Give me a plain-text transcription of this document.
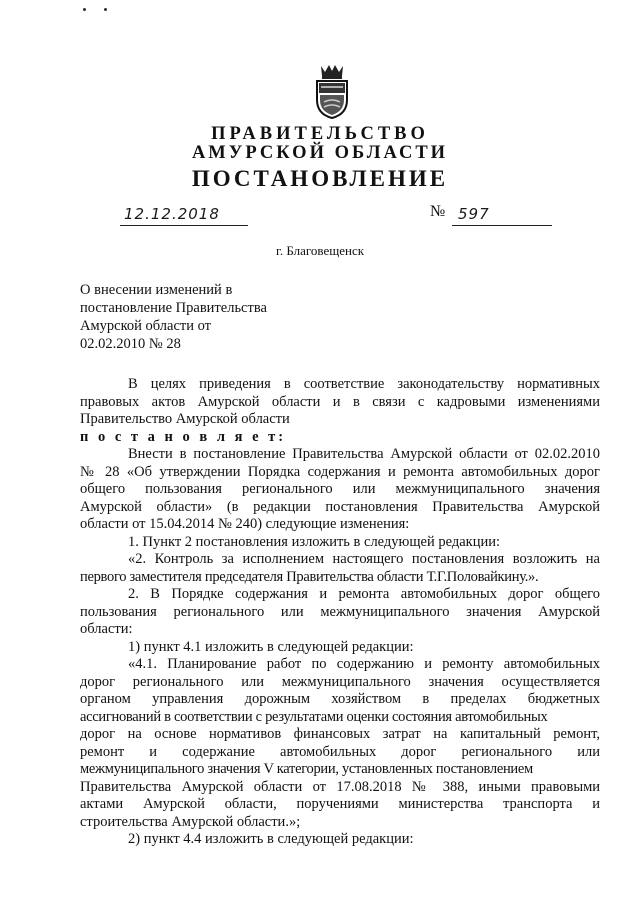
ПРАВИТЕЛЬСТВО
АМУРСКОЙ ОБЛАСТИ
ПОСТАНОВЛЕНИЕ
12.12.2018	№ 597
г. Благовещенск
О внесении изменений в
постановление Правительства
Амурской области от
02.02.2010 № 28
В целях приведения в соответствие законодательству нормативных
правовых актов Амурской области и в связи с кадровыми изменениями
Правительство Амурской области
п о с т а н о в л я е т:
Внести в постановление Правительства Амурской области от 02.02.2010
№ 28 «Об утверждении Порядка содержания и ремонта автомобильных дорог
общего пользования регионального или межмуниципального значения
Амурской области» (в редакции постановления Правительства Амурской
области от 15.04.2014 № 240) следующие изменения:
1. Пункт 2 постановления изложить в следующей редакции:
«2. Контроль за исполнением настоящего постановления возложить на
первого заместителя председателя Правительства области Т.Г.Половайкину.».
2. В Порядке содержания и ремонта автомобильных дорог общего
пользования регионального или межмуниципального значения Амурской
области:
1) пункт 4.1 изложить в следующей редакции:
«4.1. Планирование работ по содержанию и ремонту автомобильных
дорог регионального или межмуниципального значения осуществляется
органом управления дорожным хозяйством в пределах бюджетных
ассигнований в соответствии с результатами оценки состояния автомобильных
дорог на основе нормативов финансовых затрат на капитальный ремонт,
ремонт и содержание автомобильных дорог регионального или
межмуниципального значения V категории, установленных постановлением
Правительства Амурской области от 17.08.2018 № 388, иными правовыми
актами Амурской области, поручениями министерства транспорта и
строительства Амурской области.»;
2) пункт 4.4 изложить в следующей редакции:
